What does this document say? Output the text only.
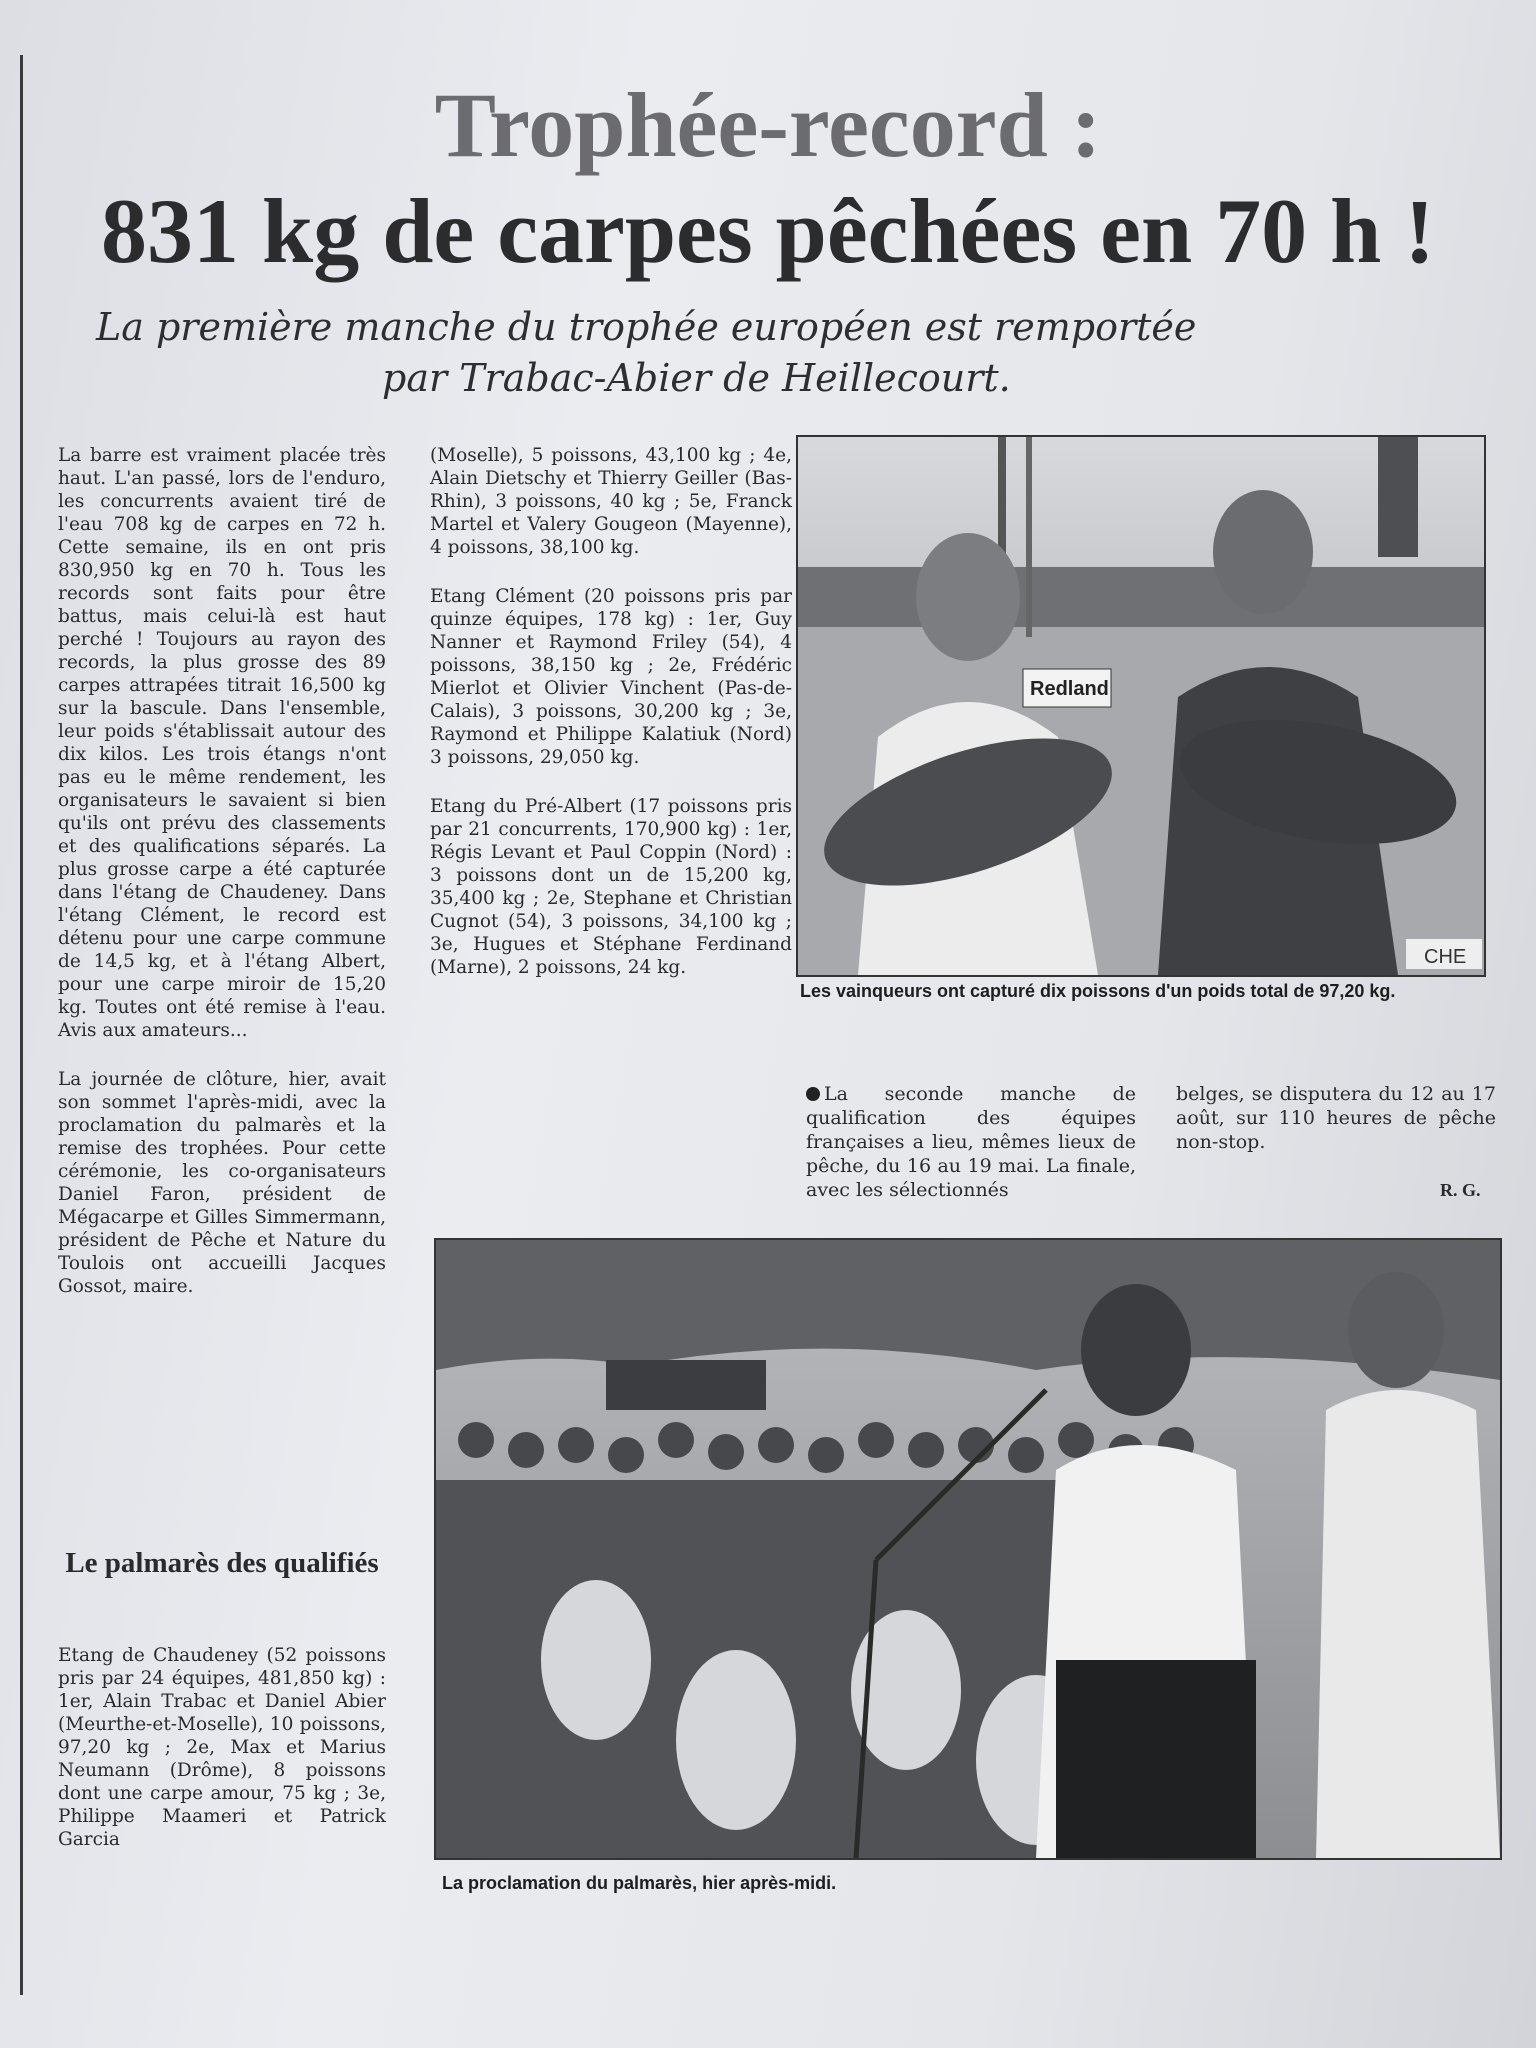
Trophée-record :
831 kg de carpes pêchées en 70 h !
La première manche du trophée européen est remportée
par Trabac-Abier de Heillecourt.

La barre est vraiment placée très haut. L'an passé, lors de l'enduro, les concurrents avaient tiré de l'eau 708 kg de carpes en 72 h. Cette semaine, ils en ont pris 830,950 kg en 70 h. Tous les records sont faits pour être battus, mais celui-là est haut perché ! Toujours au rayon des records, la plus grosse des 89 carpes attrapées titrait 16,500 kg sur la bascule. Dans l'ensemble, leur poids s'établissait autour des dix kilos. Les trois étangs n'ont pas eu le même rendement, les organisateurs le savaient si bien qu'ils ont prévu des classements et des qualifications séparés. La plus grosse carpe a été capturée dans l'étang de Chaudeney. Dans l'étang Clément, le record est détenu pour une carpe commune de 14,5 kg, et à l'étang Albert, pour une carpe miroir de 15,20 kg. Toutes ont été remise à l'eau. Avis aux amateurs...

La journée de clôture, hier, avait son sommet l'après-midi, avec la proclamation du palmarès et la remise des trophées. Pour cette cérémonie, les co-organisateurs Daniel Faron, président de Mégacarpe et Gilles Simmermann, président de Pêche et Nature du Toulois ont accueilli Jacques Gossot, maire.

Le palmarès des qualifiés

Etang de Chaudeney (52 poissons pris par 24 équipes, 481,850 kg) : 1er, Alain Trabac et Daniel Abier (Meurthe-et-Moselle), 10 poissons, 97,20 kg ; 2e, Max et Marius Neumann (Drôme), 8 poissons dont une carpe amour, 75 kg ; 3e, Philippe Maameri et Patrick Garcia

(Moselle), 5 poissons, 43,100 kg ; 4e, Alain Dietschy et Thierry Geiller (Bas-Rhin), 3 poissons, 40 kg ; 5e, Franck Martel et Valery Gougeon (Mayenne), 4 poissons, 38,100 kg.

Etang Clément (20 poissons pris par quinze équipes, 178 kg) : 1er, Guy Nanner et Raymond Friley (54), 4 poissons, 38,150 kg ; 2e, Frédéric Mierlot et Olivier Vinchent (Pas-de-Calais), 3 poissons, 30,200 kg ; 3e, Raymond et Philippe Kalatiuk (Nord) 3 poissons, 29,050 kg.

Etang du Pré-Albert (17 poissons pris par 21 concurrents, 170,900 kg) : 1er, Régis Levant et Paul Coppin (Nord) : 3 poissons dont un de 15,200 kg, 35,400 kg ; 2e, Stephane et Christian Cugnot (54), 3 poissons, 34,100 kg ; 3e, Hugues et Stéphane Ferdinand (Marne), 2 poissons, 24 kg.

Redland
CHE
Les vainqueurs ont capturé dix poissons d'un poids total de 97,20 kg.
La seconde manche de qualification des équipes françaises a lieu, mêmes lieux de pêche, du 16 au 19 mai. La finale, avec les sélectionnés
belges, se disputera du 12 au 17 août, sur 110 heures de pêche non-stop.
R. G.
La proclamation du palmarès, hier après-midi.
